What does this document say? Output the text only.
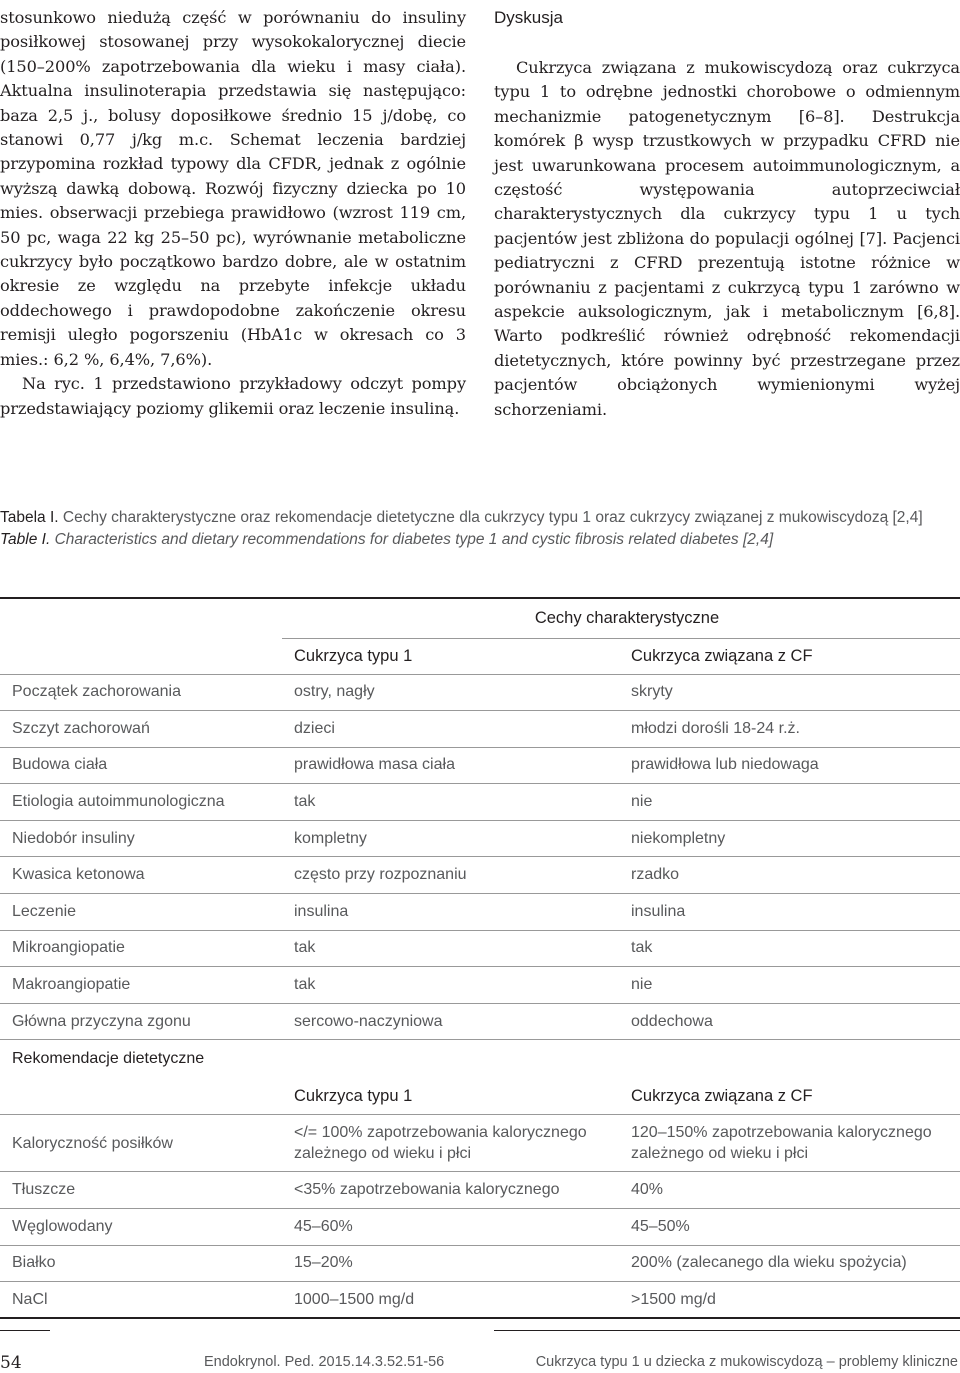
stosunkowo niedużą część w porównaniu do insuliny posiłkowej stosowanej przy wysokokalorycznej diecie (150–200% zapotrzebowania dla wieku i masy ciała). Aktualna insulinoterapia przedstawia się następująco: baza 2,5 j., bolusy doposiłkowe średnio 15 j/dobę, co stanowi 0,77 j/kg m.c. Schemat leczenia bardziej przypomina rozkład typowy dla CFDR, jednak z ogólnie wyższą dawką dobową. Rozwój fizyczny dziecka po 10 mies. obserwacji przebiega prawidłowo (wzrost 119 cm, 50 pc, waga 22 kg 25–50 pc), wyrównanie metaboliczne cukrzycy było początkowo bardzo dobre, ale w ostatnim okresie ze względu na przebyte infekcje układu oddechowego i prawdopodobne zakończenie okresu remisji uległo pogorszeniu (HbA1c w okresach co 3 mies.: 6,2 %, 6,4%, 7,6%).

Na ryc. 1 przedstawiono przykładowy odczyt pompy przedstawiający poziomy glikemii oraz leczenie insuliną.

Dyskusja

Cukrzyca związana z mukowiscydozą oraz cukrzyca typu 1 to odrębne jednostki chorobowe o odmiennym mechanizmie patogenetycznym [6–8]. Destrukcja komórek β wysp trzustkowych w przypadku CFRD nie jest uwarunkowana procesem autoimmunologicznym, a częstość występowania autoprzeciwciał charakterystycznych dla cukrzycy typu 1 u tych pacjentów jest zbliżona do populacji ogólnej [7]. Pacjenci pediatryczni z CFRD prezentują istotne różnice w porównaniu z pacjentami z cukrzycą typu 1 zarówno w aspekcie auksologicznym, jak i metabolicznym [6,8]. Warto podkreślić również odrębność rekomendacji dietetycznych, które powinny być przestrzegane przez pacjentów obciążonych wymienionymi wyżej schorzeniami.

Tabela I. Cechy charakterystyczne oraz rekomendacje dietetyczne dla cukrzycy typu 1 oraz cukrzycy związanej z mukowiscydozą [2,4]
Table I. Characteristics and dietary recommendations for diabetes type 1 and cystic fibrosis related diabetes [2,4]
	Cechy charakterystyczne	
	Cukrzyca typu 1	Cukrzyca związana z CF
Początek zachorowania	ostry, nagły	skryty
Szczyt zachorowań	dzieci	młodzi dorośli 18-24 r.ż.
Budowa ciała	prawidłowa masa ciała	prawidłowa lub niedowaga
Etiologia autoimmunologiczna	tak	nie
Niedobór insuliny	kompletny	niekompletny
Kwasica ketonowa	często przy rozpoznaniu	rzadko
Leczenie	insulina	insulina
Mikroangiopatie	tak	tak
Makroangiopatie	tak	nie
Główna przyczyna zgonu	sercowo-naczyniowa	oddechowa
Rekomendacje dietetyczne		
	Cukrzyca typu 1	Cukrzyca związana z CF
Kaloryczność posiłków	</= 100% zapotrzebowania kalorycznego zależnego od wieku i płci	120–150% zapotrzebowania kalorycznego zależnego od wieku i płci
Tłuszcze	<35% zapotrzebowania kalorycznego	40%
Węglowodany	45–60%	45–50%
Białko	15–20%	200% (zalecanego dla wieku spożycia)
NaCl	1000–1500 mg/d	>1500 mg/d
54	Endokrynol. Ped. 2015.14.3.52.51-56	Cukrzyca typu 1 u dziecka z mukowiscydozą – problemy kliniczne
